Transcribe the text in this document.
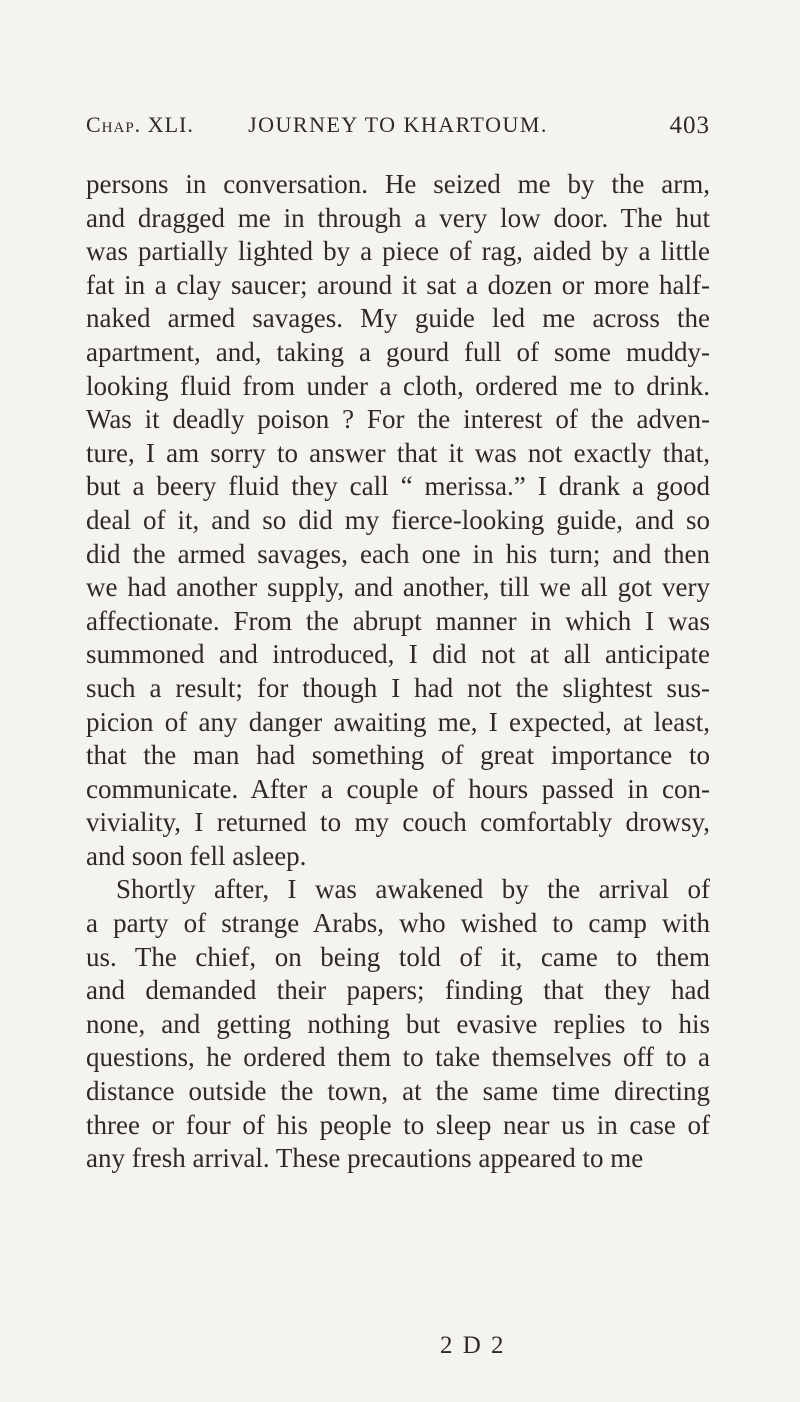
Chap. XLI.	JOURNEY TO KHARTOUM.	403
persons in conversation. He seized me by the arm,
and dragged me in through a very low door. The hut
was partially lighted by a piece of rag, aided by a little
fat in a clay saucer; around it sat a dozen or more half-
naked armed savages. My guide led me across the
apartment, and, taking a gourd full of some muddy-
looking fluid from under a cloth, ordered me to drink.
Was it deadly poison ? For the interest of the adven-
ture, I am sorry to answer that it was not exactly that,
but a beery fluid they call “ merissa.” I drank a good
deal of it, and so did my fierce-looking guide, and so
did the armed savages, each one in his turn; and then
we had another supply, and another, till we all got very
affectionate. From the abrupt manner in which I was
summoned and introduced, I did not at all anticipate
such a result; for though I had not the slightest sus-
picion of any danger awaiting me, I expected, at least,
that the man had something of great importance to
communicate. After a couple of hours passed in con-
viviality, I returned to my couch comfortably drowsy,
and soon fell asleep.
Shortly after, I was awakened by the arrival of
a party of strange Arabs, who wished to camp with
us. The chief, on being told of it, came to them
and demanded their papers; finding that they had
none, and getting nothing but evasive replies to his
questions, he ordered them to take themselves off to a
distance outside the town, at the same time directing
three or four of his people to sleep near us in case of
any fresh arrival. These precautions appeared to me
2 D 2
